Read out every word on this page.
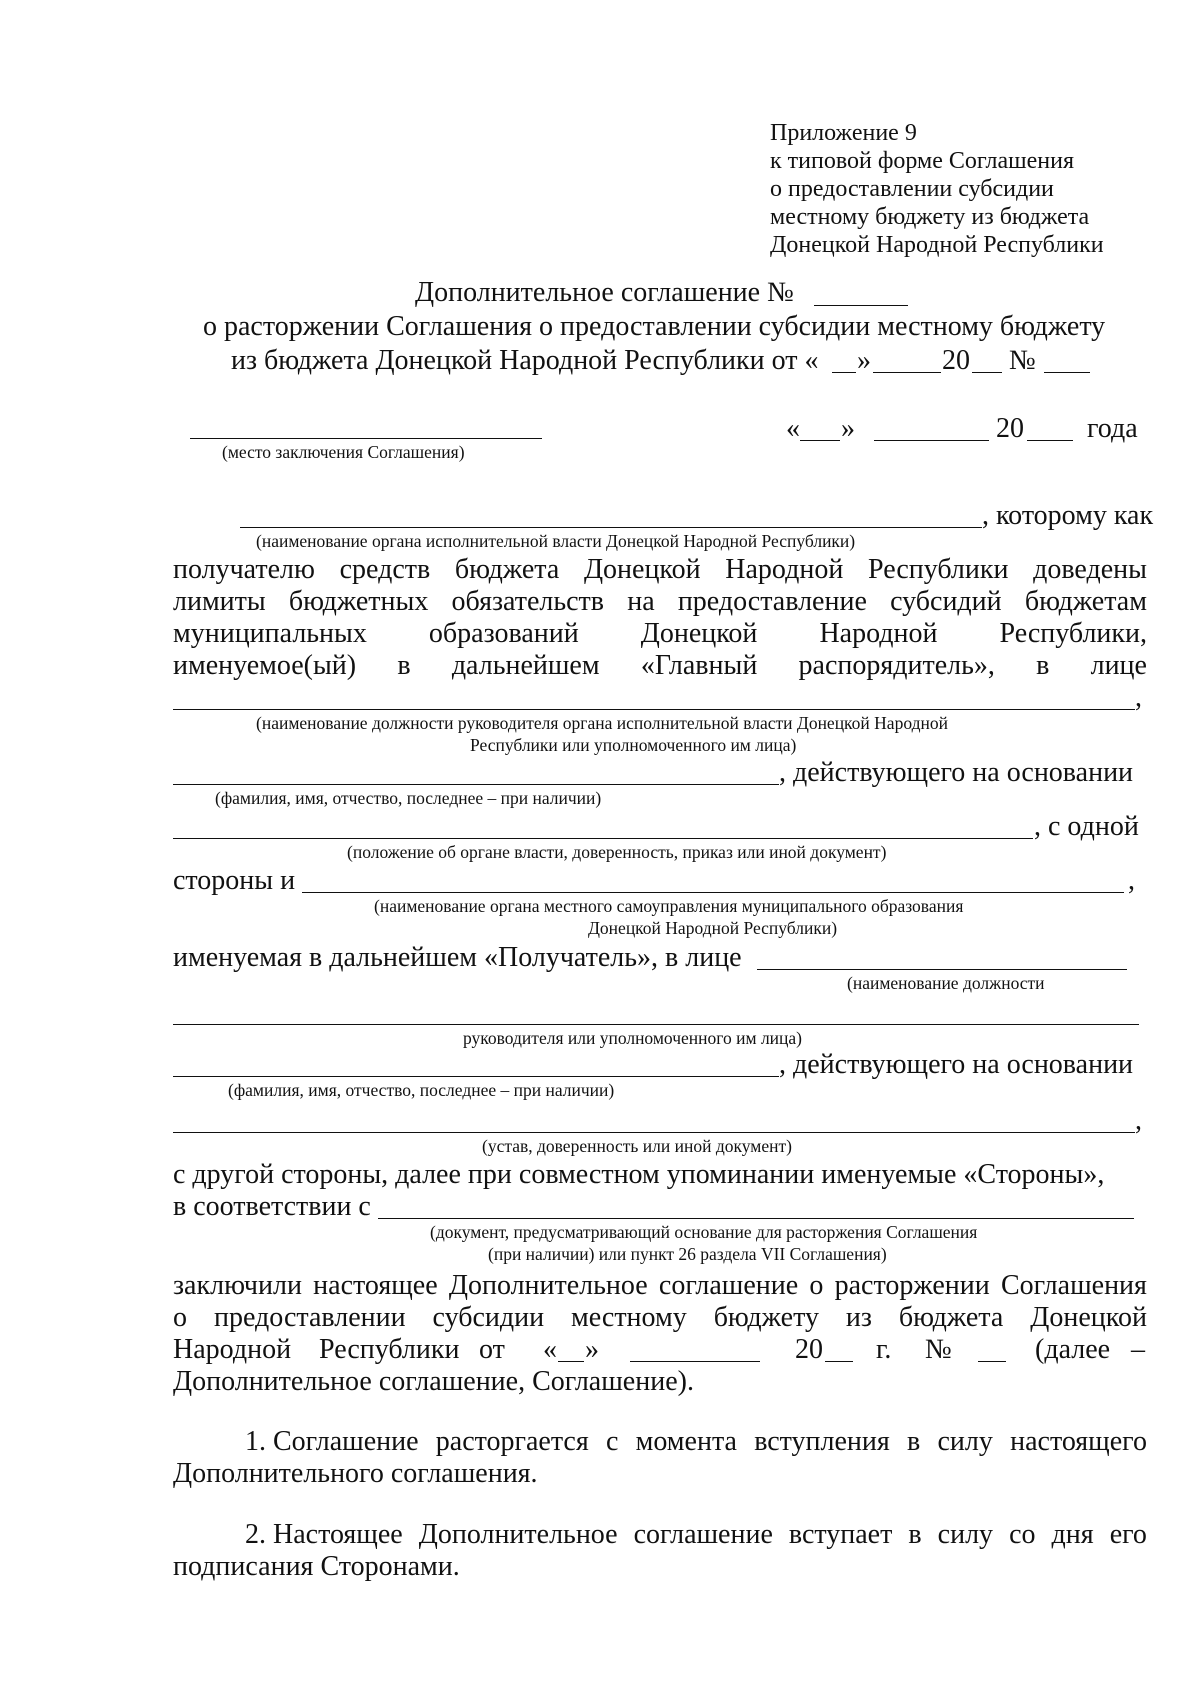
Приложение 9
к типовой форме Соглашения
о предоставлении субсидии
местному бюджету из бюджета
Донецкой Народной Республики
Дополнительное соглашение №
о расторжении Соглашения о предоставлении субсидии местному бюджету
из бюджета Донецкой Народной Республики от « »	20 №
(место заключения Соглашения)
« »	20 года
, которому как
(наименование органа исполнительной власти Донецкой Народной Республики)
получателю средств бюджета Донецкой Народной Республики доведены
лимиты бюджетных обязательств на предоставление субсидий бюджетам
муниципальных образований Донецкой Народной Республики,
именуемое(ый) в дальнейшем «Главный распорядитель», в лице
,
(наименование должности руководителя органа исполнительной власти Донецкой Народной
Республики или уполномоченного им лица)
, действующего на основании
(фамилия, имя, отчество, последнее – при наличии)
, с одной
(положение об органе власти, доверенность, приказ или иной документ)
стороны и	,
(наименование органа местного самоуправления муниципального образования
Донецкой Народной Республики)
именуемая в дальнейшем «Получатель», в лице
(наименование должности
руководителя или уполномоченного им лица)
, действующего на основании
(фамилия, имя, отчество, последнее – при наличии)
,
(устав, доверенность или иной документ)
с другой стороны, далее при совместном упоминании именуемые «Стороны»,
в соответствии с
(документ, предусматривающий основание для расторжения Соглашения
(при наличии) или пункт 26 раздела VII Соглашения)
заключили настоящее Дополнительное соглашение о расторжении Соглашения
о предоставлении субсидии местному бюджету из бюджета Донецкой
Народной Республики от « »	20 г. №	(далее –
Дополнительное соглашение, Соглашение).
1. Соглашение расторгается с момента вступления в силу настоящего
Дополнительного соглашения.
2. Настоящее Дополнительное соглашение вступает в силу со дня его
подписания Сторонами.
